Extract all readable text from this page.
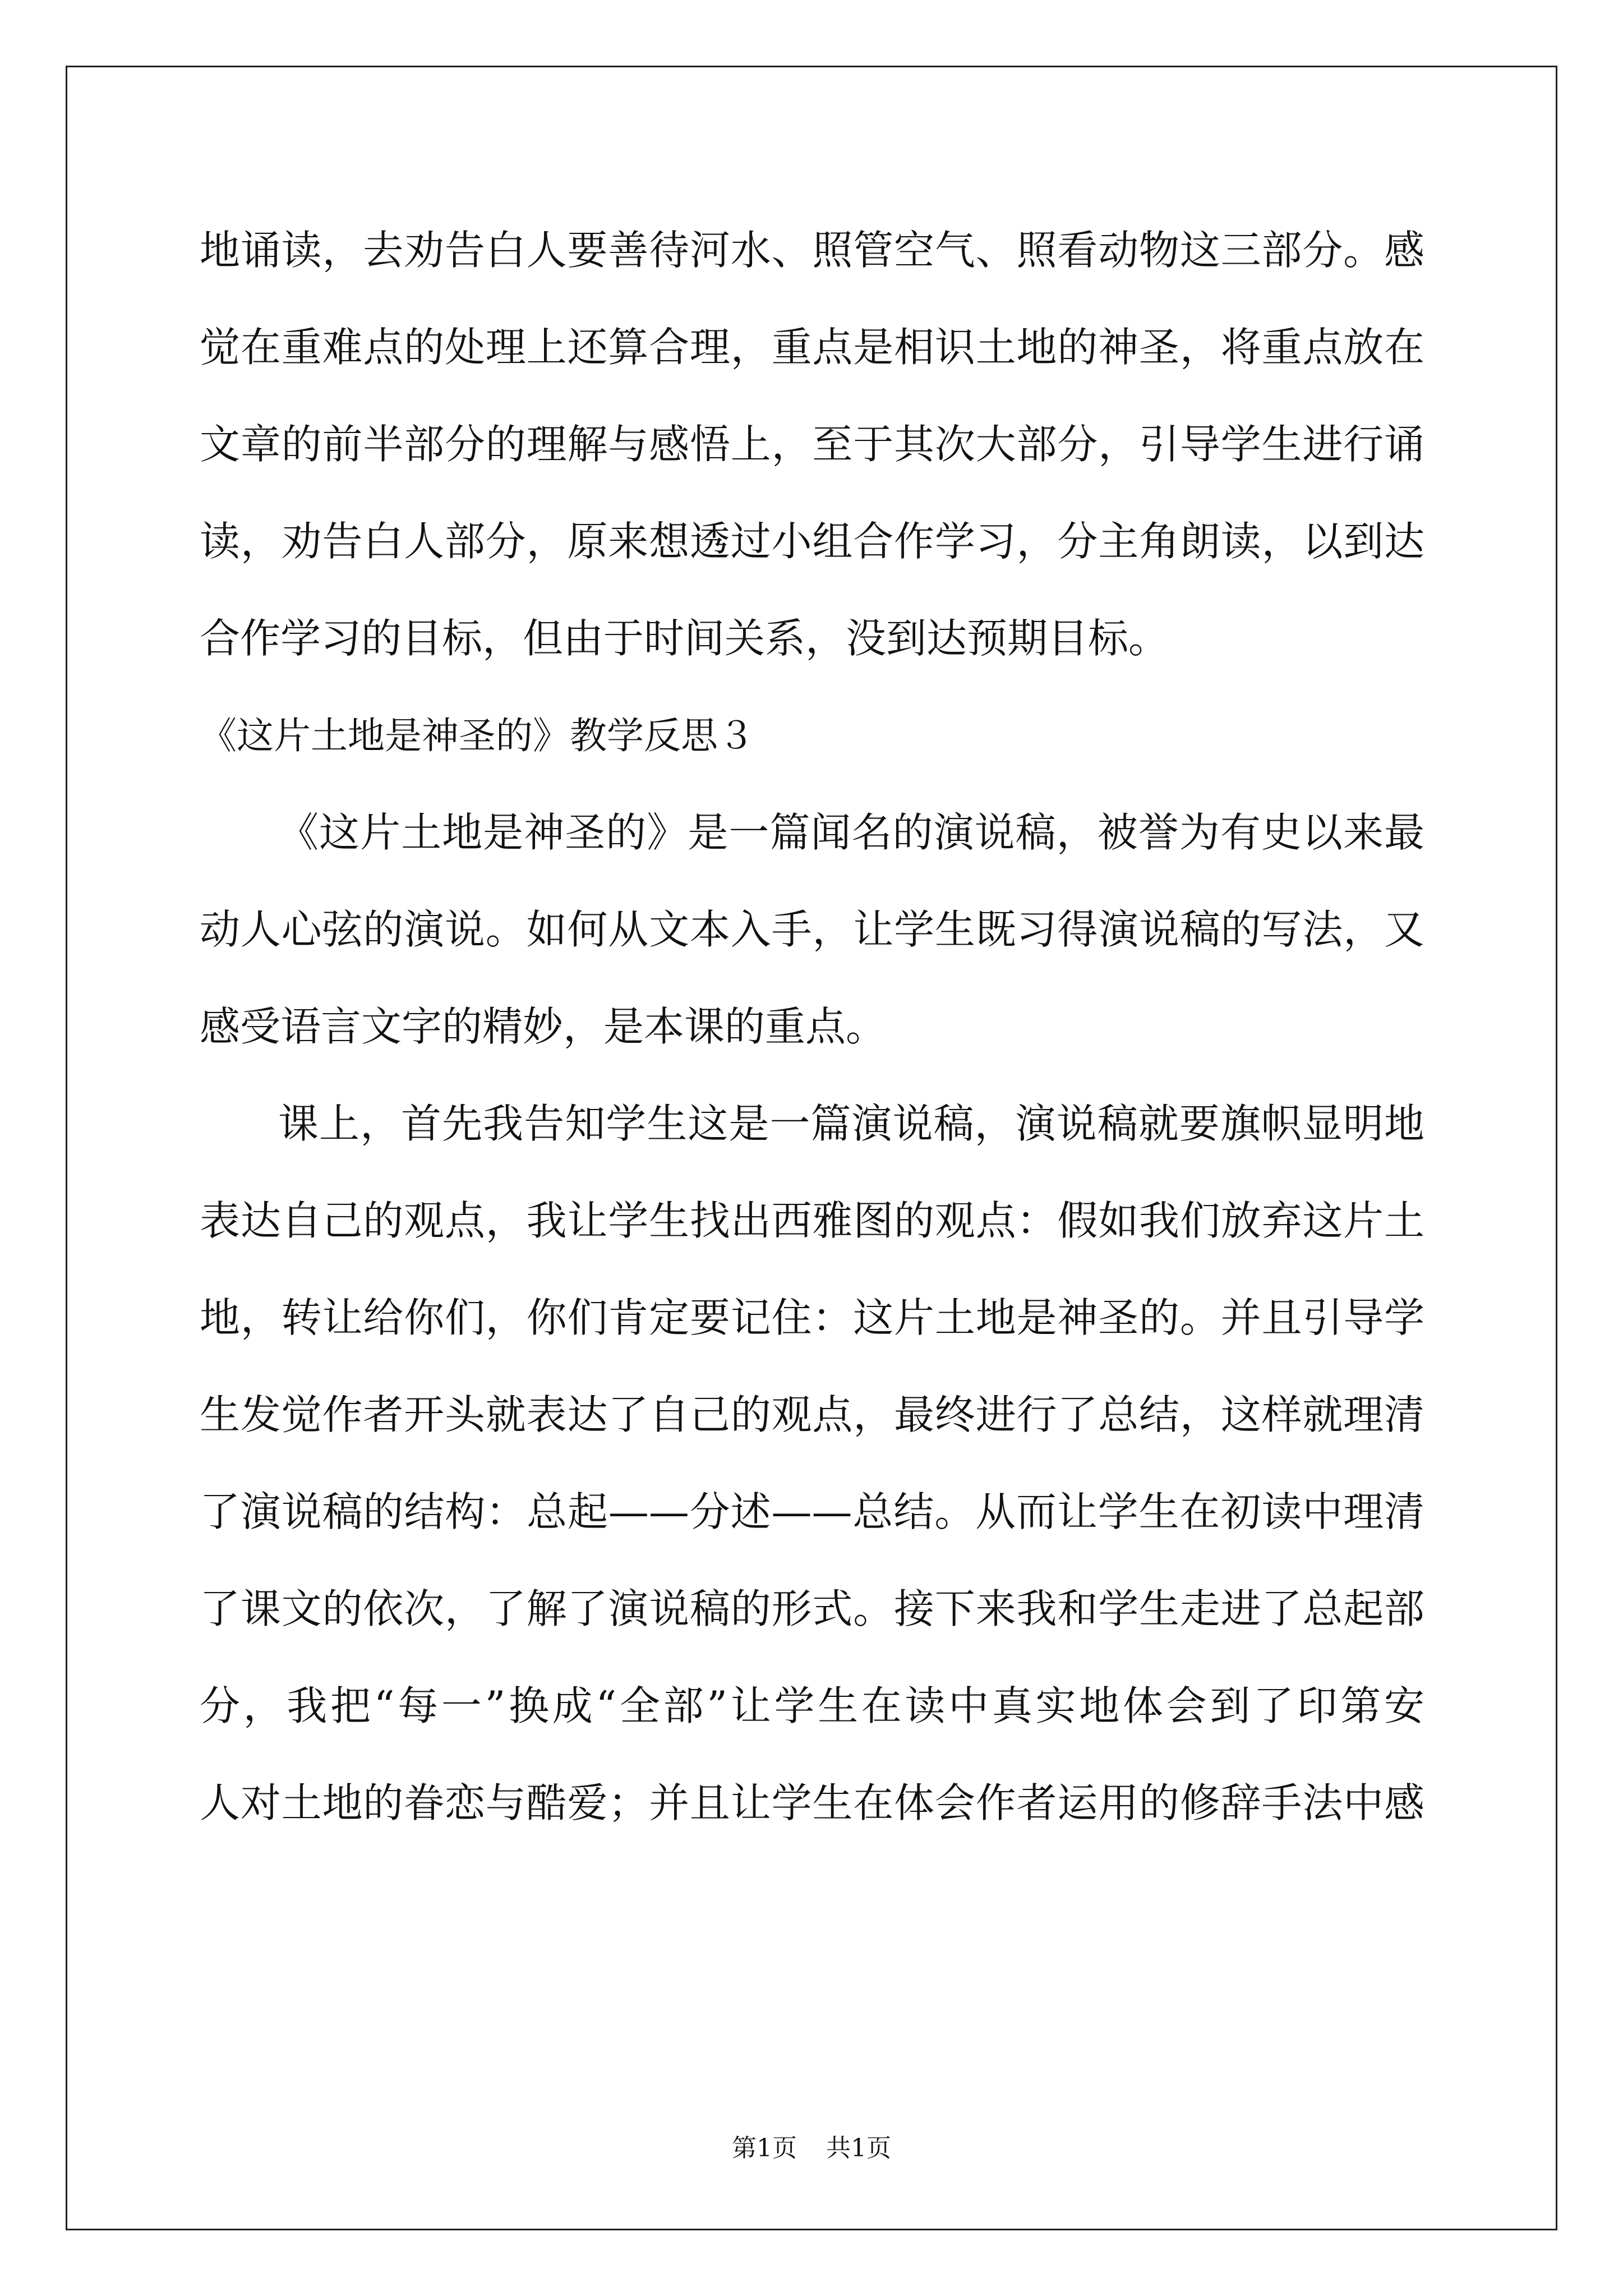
地诵读，去劝告白人要善待河水、照管空气、照看动物这三部分。感
觉在重难点的处理上还算合理，重点是相识土地的神圣，将重点放在
文章的前半部分的理解与感悟上，至于其次大部分，引导学生进行诵
读，劝告白人部分，原来想透过小组合作学习，分主角朗读，以到达
合作学习的目标，但由于时间关系，没到达预期目标。
《这片土地是神圣的》教学反思３
《这片土地是神圣的》是一篇闻名的演说稿，被誉为有史以来最
动人心弦的演说。如何从文本入手，让学生既习得演说稿的写法，又
感受语言文字的精妙，是本课的重点。
课上，首先我告知学生这是一篇演说稿，演说稿就要旗帜显明地
表达自己的观点，我让学生找出西雅图的观点：假如我们放弃这片土
地，转让给你们，你们肯定要记住：这片土地是神圣的。并且引导学
生发觉作者开头就表达了自己的观点，最终进行了总结，这样就理清
了演说稿的结构：总起——分述——总结。从而让学生在初读中理清
了课文的依次，了解了演说稿的形式。接下来我和学生走进了总起部
分，我把“每一”换成“全部”让学生在读中真实地体会到了印第安
人对土地的眷恋与酷爱；并且让学生在体会作者运用的修辞手法中感
第1页 共1页
